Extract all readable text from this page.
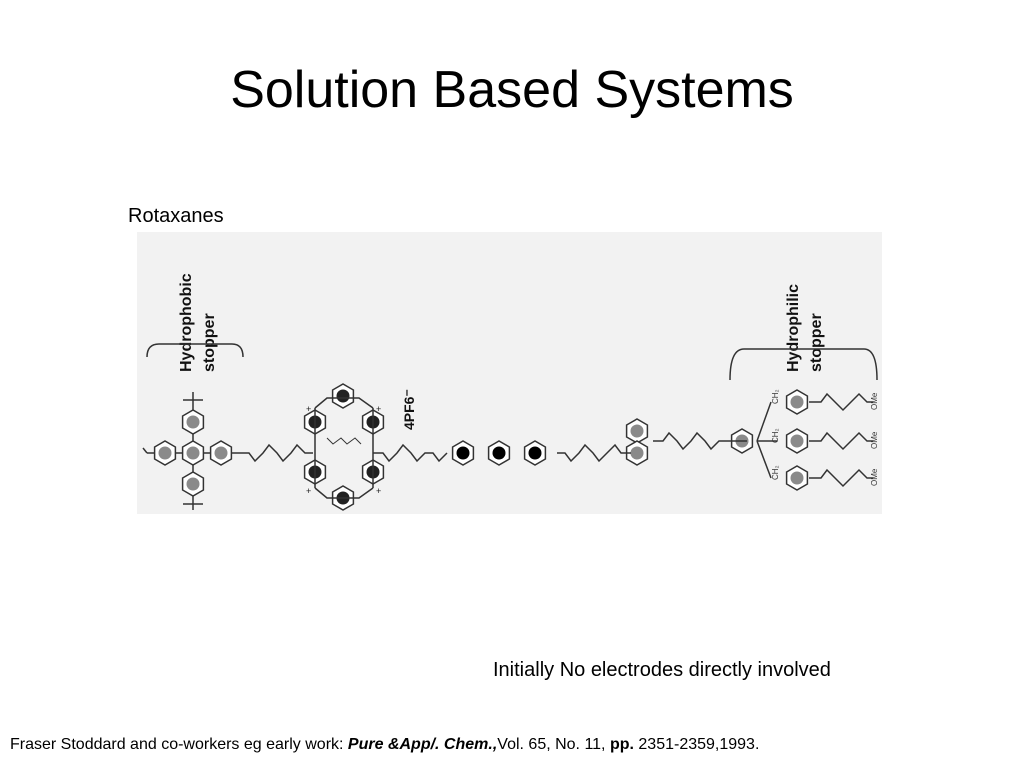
Solution Based Systems
Rotaxanes
Hydrophobic stopper	Hydrophilic stopper
4PF6⁻
+	+
+	+
CH₂
CH₂
CH₂
OMe
OMe
OMe
Initially No electrodes directly involved
Fraser Stoddard and co-workers eg early work: Pure &App/. Chem.,Vol. 65, No. 11, pp. 2351-2359,1993.
